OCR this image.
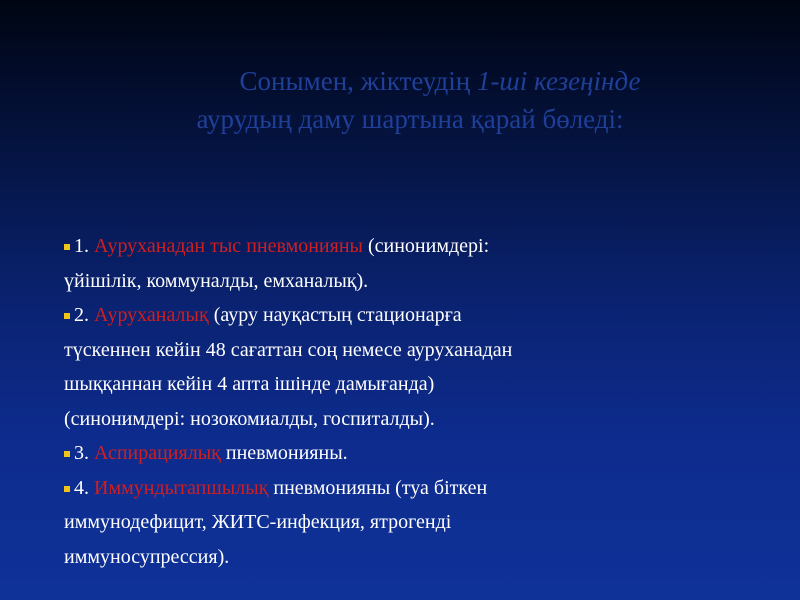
Сонымен, жіктеудің 1-ші кезеңінде
аурудың даму шартына қарай бөледі:
1. Ауруханадан тыс пневмонияны (синонимдері:
үйішілік, коммуналды, емханалық).
2. Ауруханалық (ауру науқастың стационарға
түскеннен кейін 48 сағаттан соң немесе ауруханадан
шыққаннан кейін 4 апта ішінде дамығанда)
(синонимдері: нозокомиалды, госпиталды).
3. Аспирациялық пневмонияны.
4. Иммундытапшылық пневмонияны (туа біткен
иммунодефицит, ЖИТС-инфекция, ятрогенді
иммуносупрессия).
